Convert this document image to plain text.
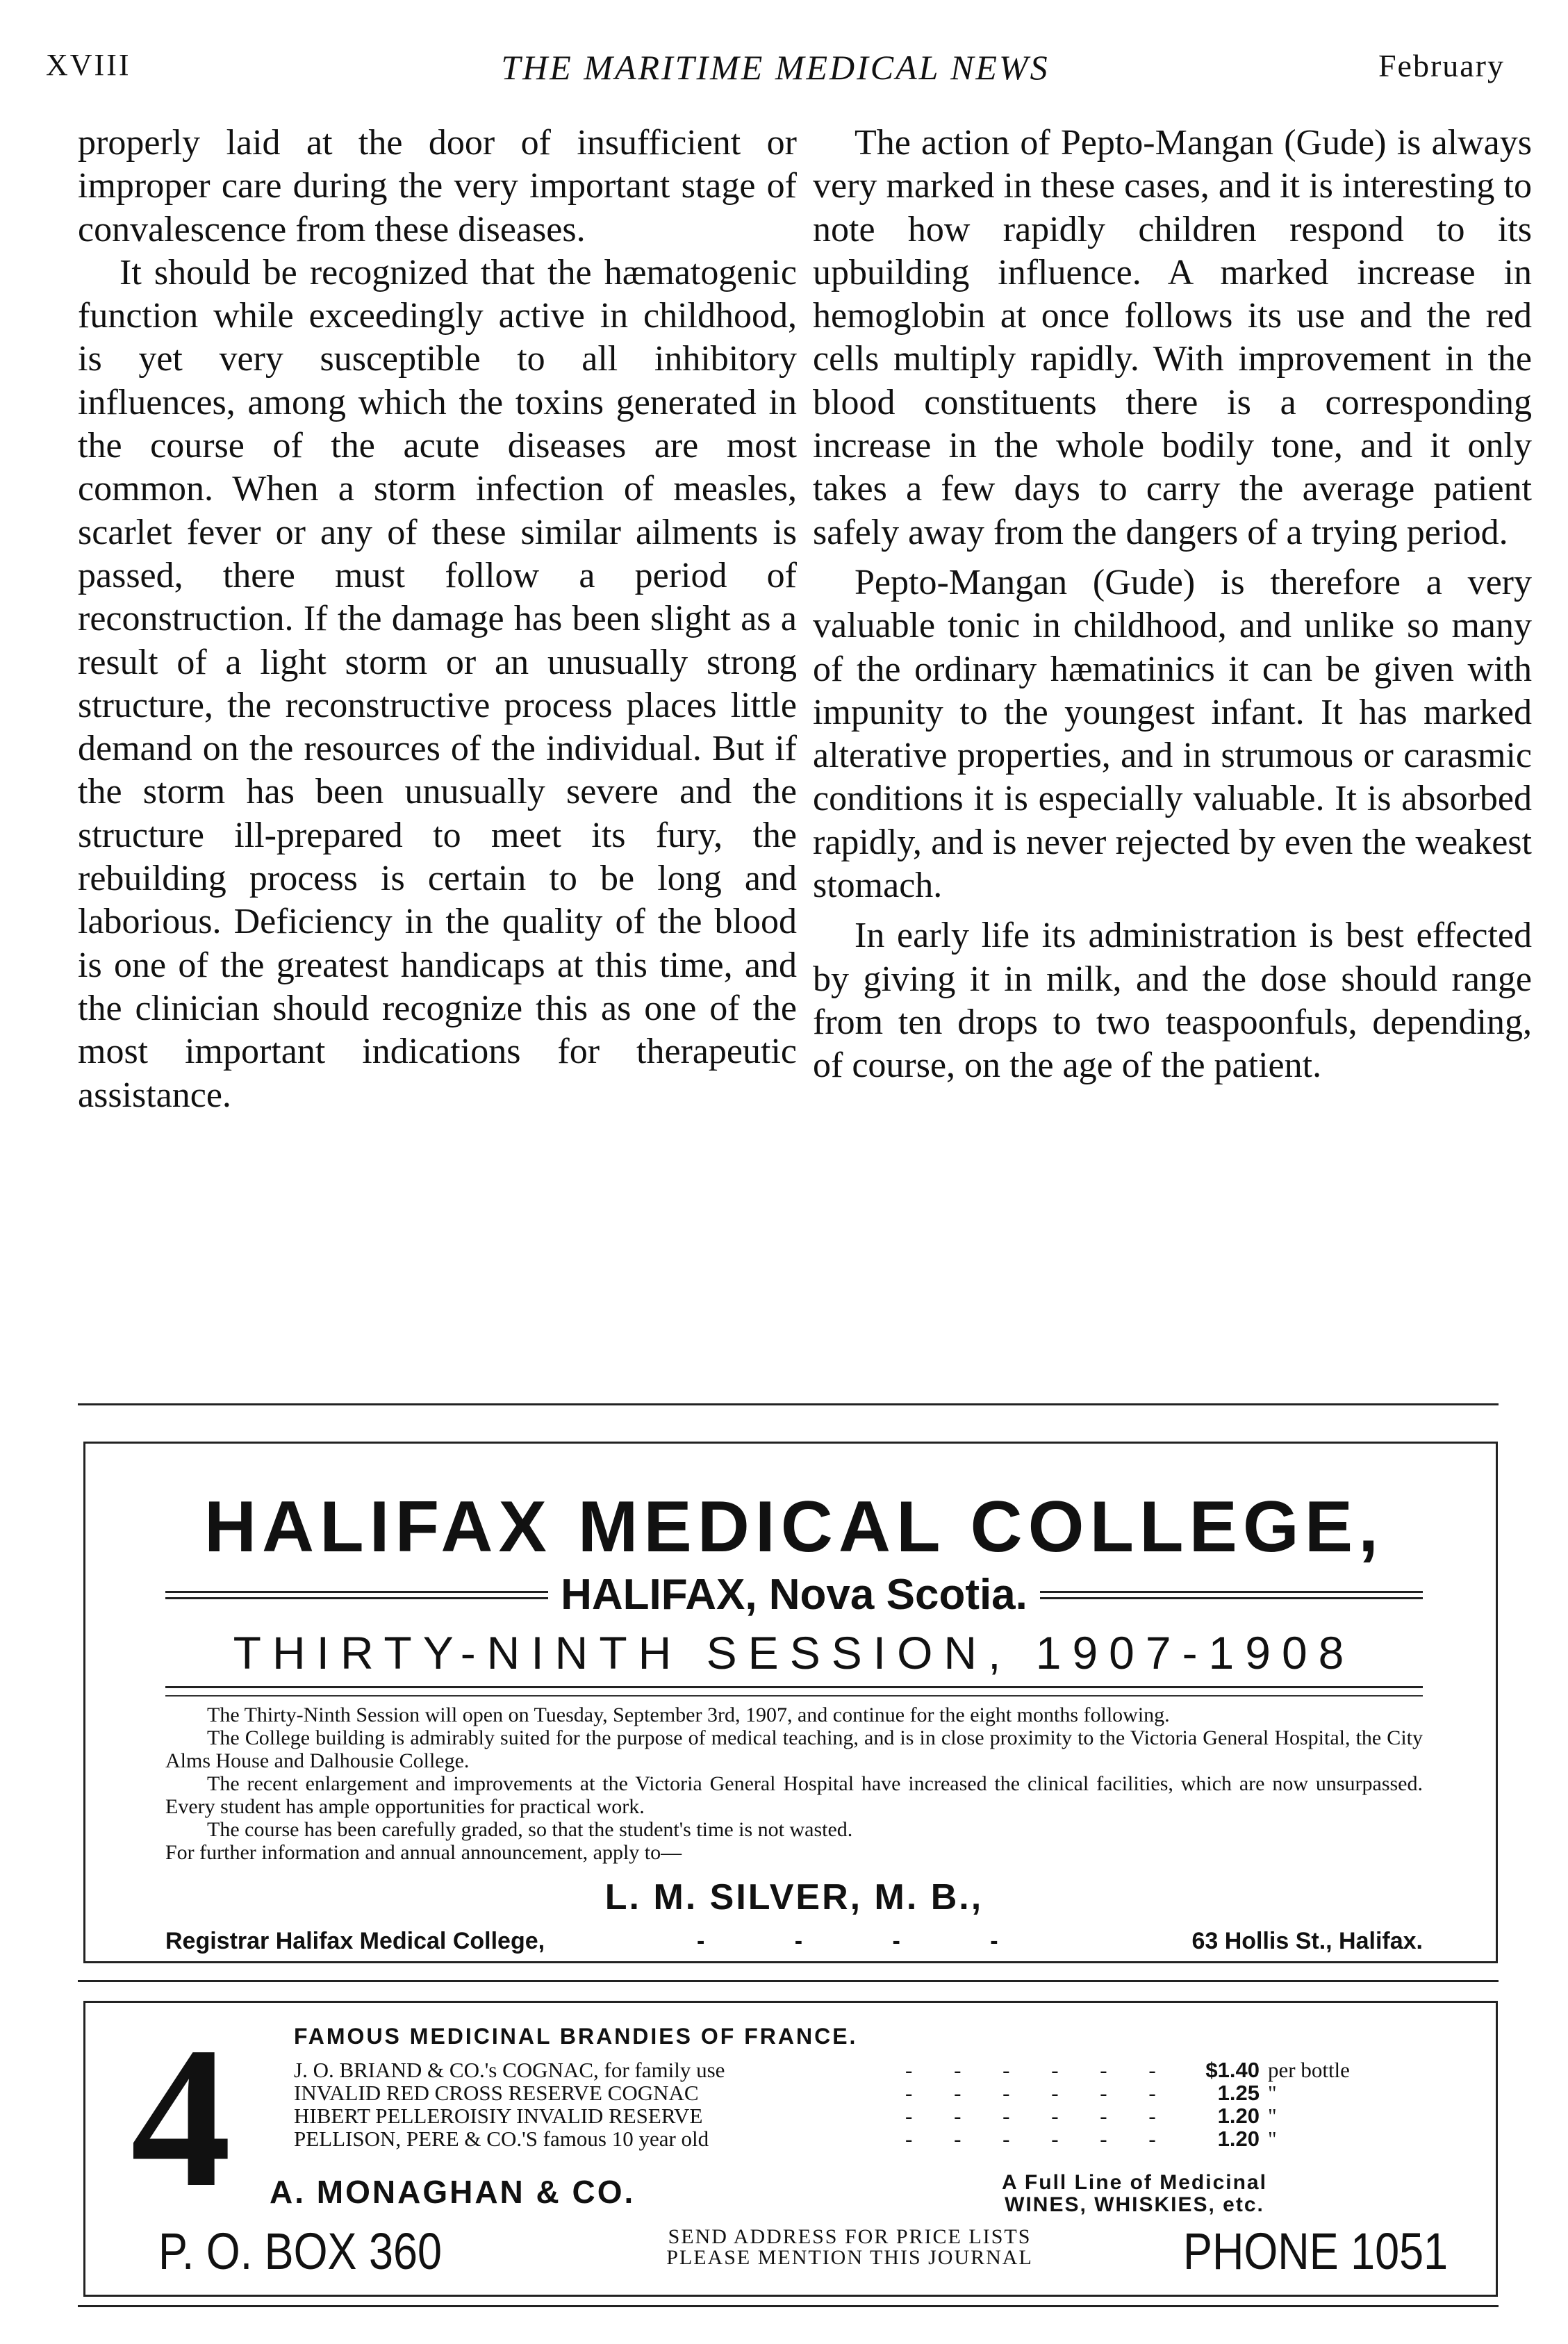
XVIII	THE MARITIME MEDICAL NEWS	February

properly laid at the door of insufficient or improper care during the very important stage of convalescence from these diseases.

It should be recognized that the hæmatogenic function while exceedingly active in childhood, is yet very susceptible to all inhibitory influences, among which the toxins generated in the course of the acute diseases are most common. When a storm infection of measles, scarlet fever or any of these similar ailments is passed, there must follow a period of reconstruction. If the damage has been slight as a result of a light storm or an unusually strong structure, the reconstructive process places little demand on the resources of the individual. But if the storm has been unusually severe and the structure ill-prepared to meet its fury, the rebuilding process is certain to be long and laborious. Deficiency in the quality of the blood is one of the greatest handicaps at this time, and the clinician should recognize this as one of the most important indications for therapeutic assistance.

The action of Pepto-Mangan (Gude) is always very marked in these cases, and it is interesting to note how rapidly children respond to its upbuilding influence. A marked increase in hemoglobin at once follows its use and the red cells multiply rapidly. With improvement in the blood constituents there is a corresponding increase in the whole bodily tone, and it only takes a few days to carry the average patient safely away from the dangers of a trying period.

Pepto-Mangan (Gude) is therefore a very valuable tonic in childhood, and unlike so many of the ordinary hæmatinics it can be given with impunity to the youngest infant. It has marked alterative properties, and in strumous or carasmic conditions it is especially valuable. It is absorbed rapidly, and is never rejected by even the weakest stomach.

In early life its administration is best effected by giving it in milk, and the dose should range from ten drops to two teaspoonfuls, depending, of course, on the age of the patient.

HALIFAX MEDICAL COLLEGE,
HALIFAX, Nova Scotia.
THIRTY-NINTH SESSION, 1907-1908

The Thirty-Ninth Session will open on Tuesday, September 3rd, 1907, and continue for the eight months following.

The College building is admirably suited for the purpose of medical teaching, and is in close proximity to the Victoria General Hospital, the City Alms House and Dalhousie College.

The recent enlargement and improvements at the Victoria General Hospital have increased the clinical facilities, which are now unsurpassed. Every student has ample opportunities for practical work.

The course has been carefully graded, so that the student's time is not wasted.

For further information and annual announcement, apply to—

L. M. SILVER, M. B.,
Registrar Halifax Medical College,	- - - -	63 Hollis St., Halifax.
4	FAMOUS MEDICINAL BRANDIES OF FRANCE.
J. O. BRIAND & CO.'s COGNAC, for family use	- - - - - -	$1.40 per bottle
INVALID RED CROSS RESERVE COGNAC	- - - - - -	1.25 "
HIBERT PELLEROISIY INVALID RESERVE	- - - - - -	1.20 "
PELLISON, PERE & CO.'S famous 10 year old	- - - - - -	1.20 "
A. MONAGHAN & CO.	A Full Line of Medicinal
WINES, WHISKIES, etc.
P. O. BOX 360	SEND ADDRESS FOR PRICE LISTS
PLEASE MENTION THIS JOURNAL	PHONE 1051
